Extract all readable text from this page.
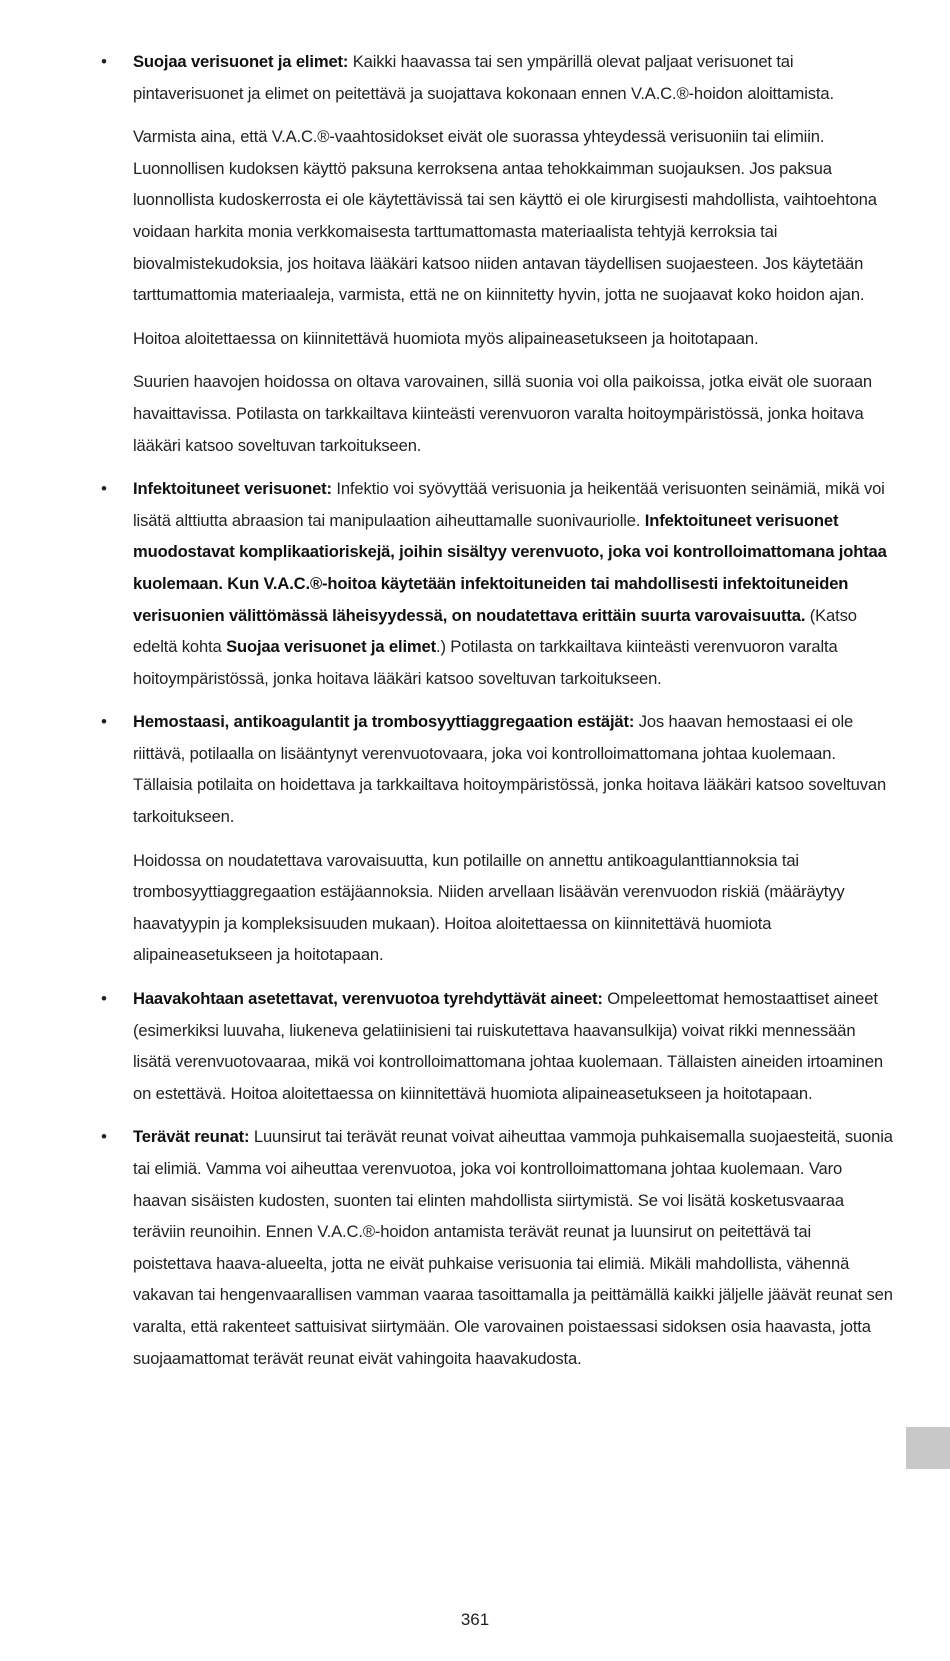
• Suojaa verisuonet ja elimet: Kaikki haavassa tai sen ympärillä olevat paljaat verisuonet tai pintaverisuonet ja elimet on peitettävä ja suojattava kokonaan ennen V.A.C.®-hoidon aloittamista.

Varmista aina, että V.A.C.®-vaahtosidokset eivät ole suorassa yhteydessä verisuoniin tai elimiin. Luonnollisen kudoksen käyttö paksuna kerroksena antaa tehokkaimman suojauksen. Jos paksua luonnollista kudoskerrosta ei ole käytettävissä tai sen käyttö ei ole kirurgisesti mahdollista, vaihtoehtona voidaan harkita monia verkkomaisesta tarttumattomasta materiaalista tehtyjä kerroksia tai biovalmistekudoksia, jos hoitava lääkäri katsoo niiden antavan täydellisen suojaesteen. Jos käytetään tarttumattomia materiaaleja, varmista, että ne on kiinnitetty hyvin, jotta ne suojaavat koko hoidon ajan.

Hoitoa aloitettaessa on kiinnitettävä huomiota myös alipaineasetukseen ja hoitotapaan.

Suurien haavojen hoidossa on oltava varovainen, sillä suonia voi olla paikoissa, jotka eivät ole suoraan havaittavissa. Potilasta on tarkkailtava kiinteästi verenvuoron varalta hoitoympäristössä, jonka hoitava lääkäri katsoo soveltuvan tarkoitukseen.

• Infektoituneet verisuonet: Infektio voi syövyttää verisuonia ja heikentää verisuonten seinämiä, mikä voi lisätä alttiutta abraasion tai manipulaation aiheuttamalle suonivauriolle. Infektoituneet verisuonet muodostavat komplikaatioriskejä, joihin sisältyy verenvuoto, joka voi kontrolloimattomana johtaa kuolemaan. Kun V.A.C.®-hoitoa käytetään infektoituneiden tai mahdollisesti infektoituneiden verisuonien välittömässä läheisyydessä, on noudatettava erittäin suurta varovaisuutta. (Katso edeltä kohta Suojaa verisuonet ja elimet.) Potilasta on tarkkailtava kiinteästi verenvuoron varalta hoitoympäristössä, jonka hoitava lääkäri katsoo soveltuvan tarkoitukseen.

• Hemostaasi, antikoagulantit ja trombosyyttiaggregaation estäjät: Jos haavan hemostaasi ei ole riittävä, potilaalla on lisääntynyt verenvuotovaara, joka voi kontrolloimattomana johtaa kuolemaan. Tällaisia potilaita on hoidettava ja tarkkailtava hoitoympäristössä, jonka hoitava lääkäri katsoo soveltuvan tarkoitukseen.

Hoidossa on noudatettava varovaisuutta, kun potilaille on annettu antikoagulanttiannoksia tai trombosyyttiaggregaation estäjäannoksia. Niiden arvellaan lisäävän verenvuodon riskiä (määräytyy haavatyypin ja kompleksisuuden mukaan). Hoitoa aloitettaessa on kiinnitettävä huomiota alipaineasetukseen ja hoitotapaan.

• Haavakohtaan asetettavat, verenvuotoa tyrehdyttävät aineet: Ompeleettomat hemostaattiset aineet (esimerkiksi luuvaha, liukeneva gelatiinisieni tai ruiskutettava haavansulkija) voivat rikki mennessään lisätä verenvuotovaaraa, mikä voi kontrolloimattomana johtaa kuolemaan. Tällaisten aineiden irtoaminen on estettävä. Hoitoa aloitettaessa on kiinnitettävä huomiota alipaineasetukseen ja hoitotapaan.

• Terävät reunat: Luunsirut tai terävät reunat voivat aiheuttaa vammoja puhkaisemalla suojaesteitä, suonia tai elimiä. Vamma voi aiheuttaa verenvuotoa, joka voi kontrolloimattomana johtaa kuolemaan. Varo haavan sisäisten kudosten, suonten tai elinten mahdollista siirtymistä. Se voi lisätä kosketusvaaraa teräviin reunoihin. Ennen V.A.C.®-hoidon antamista terävät reunat ja luunsirut on peitettävä tai poistettava haava-alueelta, jotta ne eivät puhkaise verisuonia tai elimiä. Mikäli mahdollista, vähennä vakavan tai hengenvaarallisen vamman vaaraa tasoittamalla ja peittämällä kaikki jäljelle jäävät reunat sen varalta, että rakenteet sattuisivat siirtymään. Ole varovainen poistaessasi sidoksen osia haavasta, jotta suojaamattomat terävät reunat eivät vahingoita haavakudosta.

361
